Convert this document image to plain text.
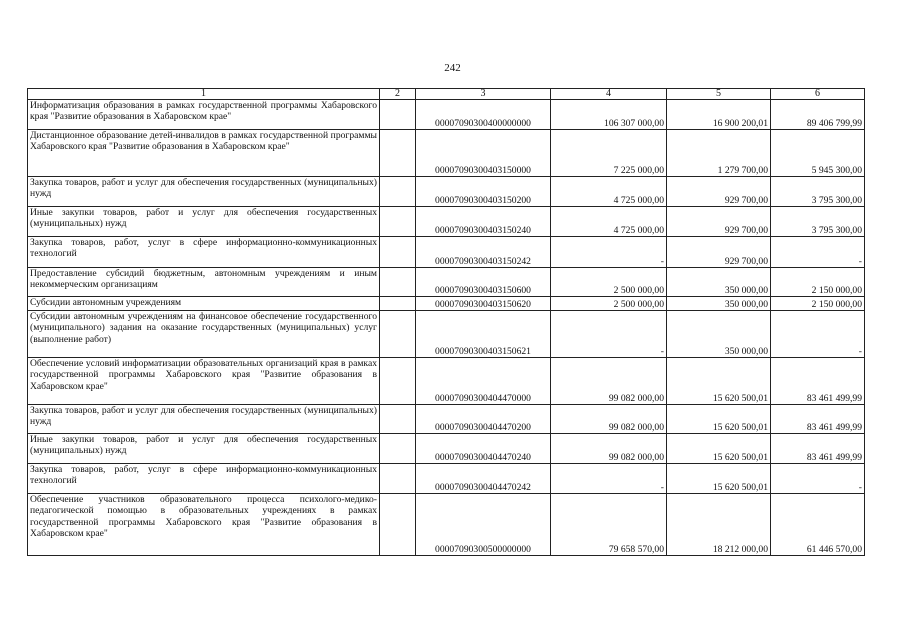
242
1	2	3	4	5	6
Информатизация образования в рамках государственной программы Хабаровского края "Развитие образования в Хабаровском крае"		00007090300400000000	106 307 000,00	16 900 200,01	89 406 799,99
Дистанционное образование детей-инвалидов в рамках государственной программы Хабаровского края "Развитие образования в Хабаровском крае"		00007090300403150000	7 225 000,00	1 279 700,00	5 945 300,00
Закупка товаров, работ и услуг для обеспечения государственных (муниципальных) нужд		00007090300403150200	4 725 000,00	929 700,00	3 795 300,00
Иные закупки товаров, работ и услуг для обеспечения государственных (муниципальных) нужд		00007090300403150240	4 725 000,00	929 700,00	3 795 300,00
Закупка товаров, работ, услуг в сфере информационно-коммуникационных технологий		00007090300403150242	-	929 700,00	-
Предоставление субсидий бюджетным, автономным учреждениям и иным некоммерческим организациям		00007090300403150600	2 500 000,00	350 000,00	2 150 000,00
Субсидии автономным учреждениям		00007090300403150620	2 500 000,00	350 000,00	2 150 000,00
Субсидии автономным учреждениям на финансовое обеспечение государственного (муниципального) задания на оказание государственных (муниципальных) услуг (выполнение работ)		00007090300403150621	-	350 000,00	-
Обеспечение условий информатизации образовательных организаций края в рамках государственной программы Хабаровского края "Развитие образования в Хабаровском крае"		00007090300404470000	99 082 000,00	15 620 500,01	83 461 499,99
Закупка товаров, работ и услуг для обеспечения государственных (муниципальных) нужд		00007090300404470200	99 082 000,00	15 620 500,01	83 461 499,99
Иные закупки товаров, работ и услуг для обеспечения государственных (муниципальных) нужд		00007090300404470240	99 082 000,00	15 620 500,01	83 461 499,99
Закупка товаров, работ, услуг в сфере информационно-коммуникационных технологий		00007090300404470242	-	15 620 500,01	-
Обеспечение участников образовательного процесса психолого-медико-педагогической помощью в образовательных учреждениях в рамках государственной программы Хабаровского края "Развитие образования в Хабаровском крае"		00007090300500000000	79 658 570,00	18 212 000,00	61 446 570,00
